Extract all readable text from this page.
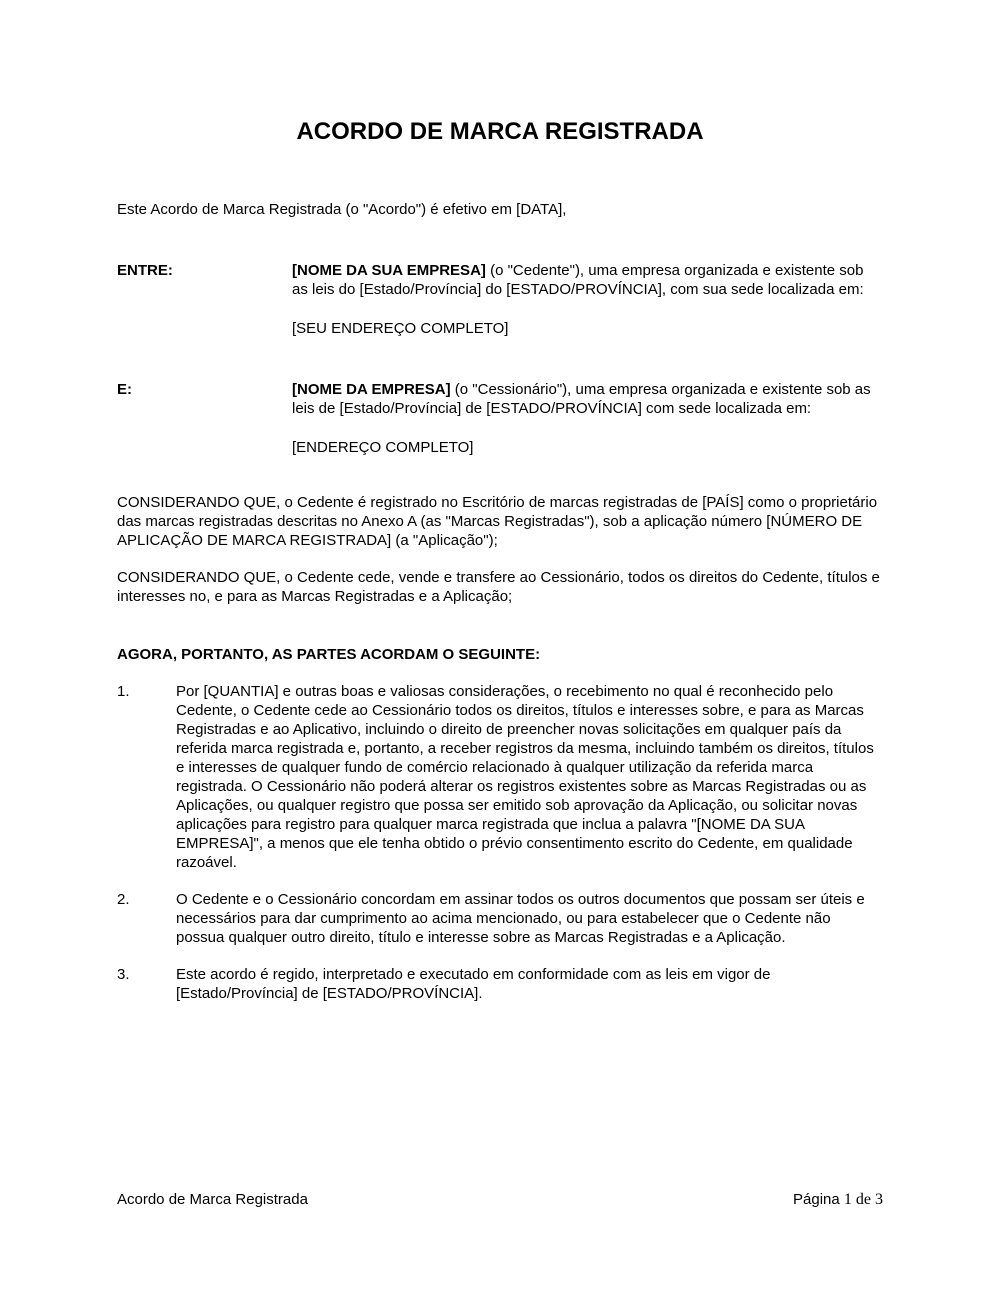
ACORDO DE MARCA REGISTRADA

Este Acordo de Marca Registrada (o "Acordo") é efetivo em [DATA],

ENTRE:	[NOME DA SUA EMPRESA] (o "Cedente"), uma empresa organizada e existente sob as leis do [Estado/Província] do [ESTADO/PROVÍNCIA], com sua sede localizada em:

[SEU ENDEREÇO COMPLETO]

E:	[NOME DA EMPRESA] (o "Cessionário"), uma empresa organizada e existente sob as leis de [Estado/Província] de [ESTADO/PROVÍNCIA] com sede localizada em:

[ENDEREÇO COMPLETO]

CONSIDERANDO QUE, o Cedente é registrado no Escritório de marcas registradas de [PAÍS] como o proprietário das marcas registradas descritas no Anexo A (as "Marcas Registradas"), sob a aplicação número [NÚMERO DE APLICAÇÃO DE MARCA REGISTRADA] (a "Aplicação");

CONSIDERANDO QUE, o Cedente cede, vende e transfere ao Cessionário, todos os direitos do Cedente, títulos e interesses no, e para as Marcas Registradas e a Aplicação;

AGORA, PORTANTO, AS PARTES ACORDAM O SEGUINTE:

1.	Por [QUANTIA] e outras boas e valiosas considerações, o recebimento no qual é reconhecido pelo Cedente, o Cedente cede ao Cessionário todos os direitos, títulos e interesses sobre, e para as Marcas Registradas e ao Aplicativo, incluindo o direito de preencher novas solicitações em qualquer país da referida marca registrada e, portanto, a receber registros da mesma, incluindo também os direitos, títulos e interesses de qualquer fundo de comércio relacionado à qualquer utilização da referida marca registrada. O Cessionário não poderá alterar os registros existentes sobre as Marcas Registradas ou as Aplicações, ou qualquer registro que possa ser emitido sob aprovação da Aplicação, ou solicitar novas aplicações para registro para qualquer marca registrada que inclua a palavra "[NOME DA SUA EMPRESA]", a menos que ele tenha obtido o prévio consentimento escrito do Cedente, em qualidade razoável.
2.	O Cedente e o Cessionário concordam em assinar todos os outros documentos que possam ser úteis e necessários para dar cumprimento ao acima mencionado, ou para estabelecer que o Cedente não possua qualquer outro direito, título e interesse sobre as Marcas Registradas e a Aplicação.
3.	Este acordo é regido, interpretado e executado em conformidade com as leis em vigor de [Estado/Província] de [ESTADO/PROVÍNCIA].
Acordo de Marca Registrada	Página 1 de 3
